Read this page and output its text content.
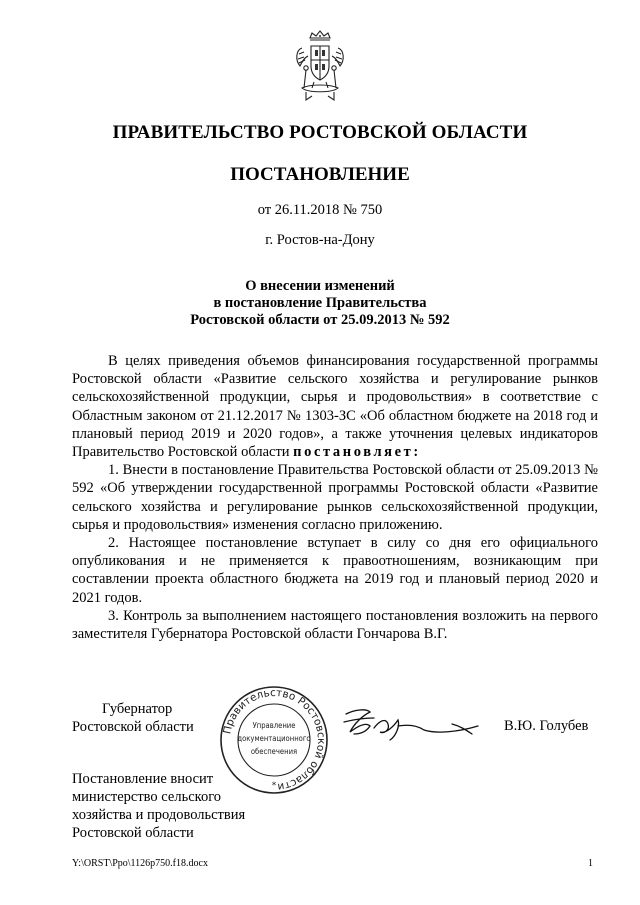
ПРАВИТЕЛЬСТВО РОСТОВСКОЙ ОБЛАСТИ
ПОСТАНОВЛЕНИЕ
от 26.11.2018 № 750
г. Ростов-на-Дону
О внесении изменений
в постановление Правительства
Ростовской области от 25.09.2013 № 592

В целях приведения объемов финансирования государственной программы Ростовской области «Развитие сельского хозяйства и регулирование рынков сельскохозяйственной продукции, сырья и продовольствия» в соответствие с Областным законом от 21.12.2017 № 1303-ЗС «Об областном бюджете на 2018 год и плановый период 2019 и 2020 годов», а также уточнения целевых индикаторов Правительство Ростовской области постановляет:

1. Внести в постановление Правительства Ростовской области от 25.09.2013 № 592 «Об утверждении государственной программы Ростовской области «Развитие сельского хозяйства и регулирование рынков сельскохозяйственной продукции, сырья и продовольствия» изменения согласно приложению.

2. Настоящее постановление вступает в силу со дня его официального опубликования и не применяется к правоотношениям, возникающим при составлении проекта областного бюджета на 2019 год и плановый период 2020 и 2021 годов.

3. Контроль за выполнением настоящего постановления возложить на первого заместителя Губернатора Ростовской области Гончарова В.Г.

Губернатор
Ростовской области	Правительство Ростовской области
Управление
документационного
обеспечения
*
В.Ю. Голубев
Постановление вносит
министерство сельского
хозяйства и продовольствия
Ростовской области
Y:\ORST\Ppo\1126p750.f18.docx	1
